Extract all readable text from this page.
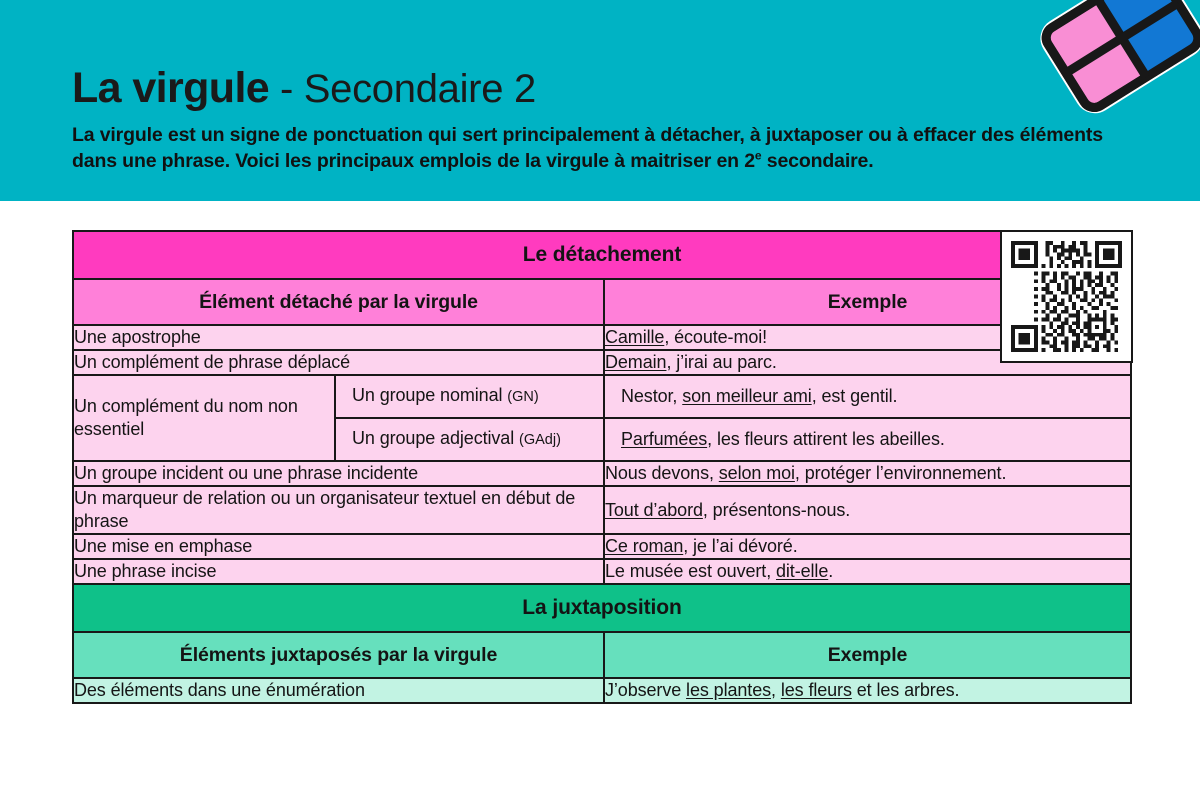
La virgule - Secondaire 2
La virgule est un signe de ponctuation qui sert principalement à détacher, à juxtaposer ou à effacer des éléments dans une phrase. Voici les principaux emplois de la virgule à maitriser en 2e secondaire.
Le détachement		
Élément détaché par la virgule		Exemple
Une apostrophe		Camille, écoute-moi!
Un complément de phrase déplacé		Demain, j’irai au parc.
Un complément du nom non essentiel	Un groupe nominal (GN)	Nestor, son meilleur ami, est gentil.
	Un groupe adjectival (GAdj)	Parfumées, les fleurs attirent les abeilles.
Un groupe incident ou une phrase incidente		Nous devons, selon moi, protéger l’environnement.
Un marqueur de relation ou un organisateur textuel en début de phrase		Tout d’abord, présentons-nous.
Une mise en emphase		Ce roman, je l’ai dévoré.
Une phrase incise		Le musée est ouvert, dit-elle.
La juxtaposition		
Éléments juxtaposés par la virgule		Exemple
Des éléments dans une énumération		J’observe les plantes, les fleurs et les arbres.
